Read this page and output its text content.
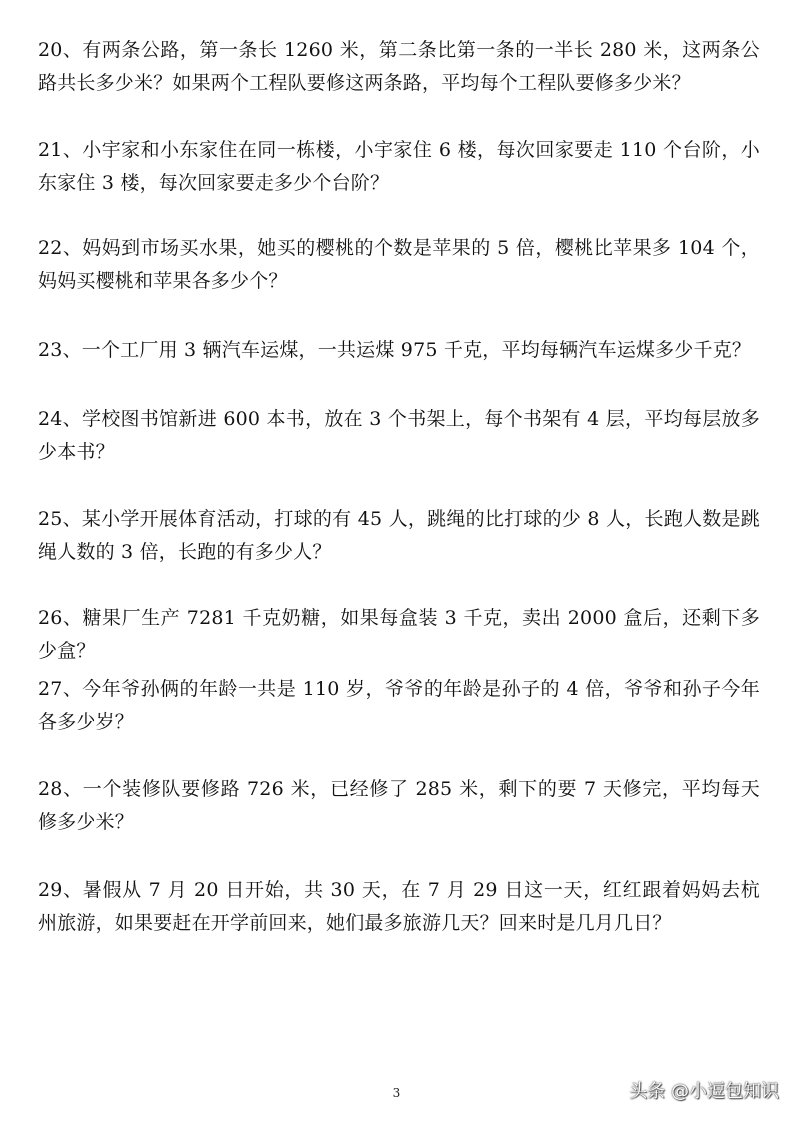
20、有两条公路，第一条长 1260 米，第二条比第一条的一半长 280 米，这两条公路共长多少米？如果两个工程队要修这两条路，平均每个工程队要修多少米？

21、小宇家和小东家住在同一栋楼，小宇家住 6 楼，每次回家要走 110 个台阶，小东家住 3 楼，每次回家要走多少个台阶？

22、妈妈到市场买水果，她买的樱桃的个数是苹果的 5 倍，樱桃比苹果多 104 个，妈妈买樱桃和苹果各多少个？

23、一个工厂用 3 辆汽车运煤，一共运煤 975 千克，平均每辆汽车运煤多少千克？

24、学校图书馆新进 600 本书，放在 3 个书架上，每个书架有 4 层，平均每层放多少本书？

25、某小学开展体育活动，打球的有 45 人，跳绳的比打球的少 8 人，长跑人数是跳绳人数的 3 倍，长跑的有多少人？

26、糖果厂生产 7281 千克奶糖，如果每盒装 3 千克，卖出 2000 盒后，还剩下多少盒？

27、今年爷孙俩的年龄一共是 110 岁，爷爷的年龄是孙子的 4 倍，爷爷和孙子今年各多少岁？

28、一个装修队要修路 726 米，已经修了 285 米，剩下的要 7 天修完，平均每天修多少米？

29、暑假从 7 月 20 日开始，共 30 天，在 7 月 29 日这一天，红红跟着妈妈去杭州旅游，如果要赶在开学前回来，她们最多旅游几天？回来时是几月几日？

3	头条 @小逗包知识
